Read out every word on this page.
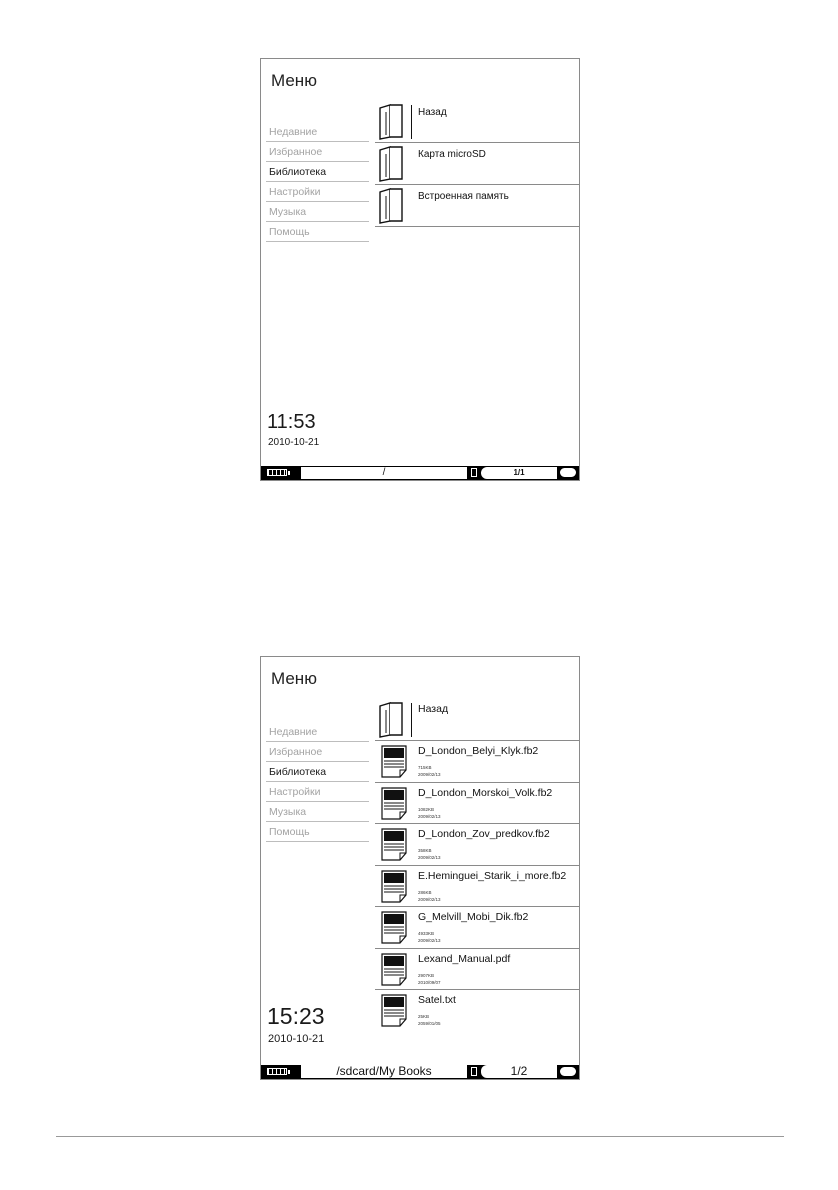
Меню
Недавние
Избранное
Библиотека
Настройки
Музыка
Помощь
11:53
2010-10-21
Назад
Карта microSD
Встроенная память
/	1/1
Меню
Недавние
Избранное
Библиотека
Настройки
Музыка
Помощь
15:23
2010-10-21
Назад
D_London_Belyi_Klyk.fb2
715KB
2009/02/13
D_London_Morskoi_Volk.fb2
1082KB
2009/02/13
D_London_Zov_predkov.fb2
358KB
2009/02/13
E.Heminguei_Starik_i_more.fb2
286KB
2009/02/13
G_Melvill_Mobi_Dik.fb2
4933KB
2009/02/13
Lexand_Manual.pdf
2907KB
2010/09/07
Satel.txt
25KB
2059/01/05
/sdcard/My Books	1/2
